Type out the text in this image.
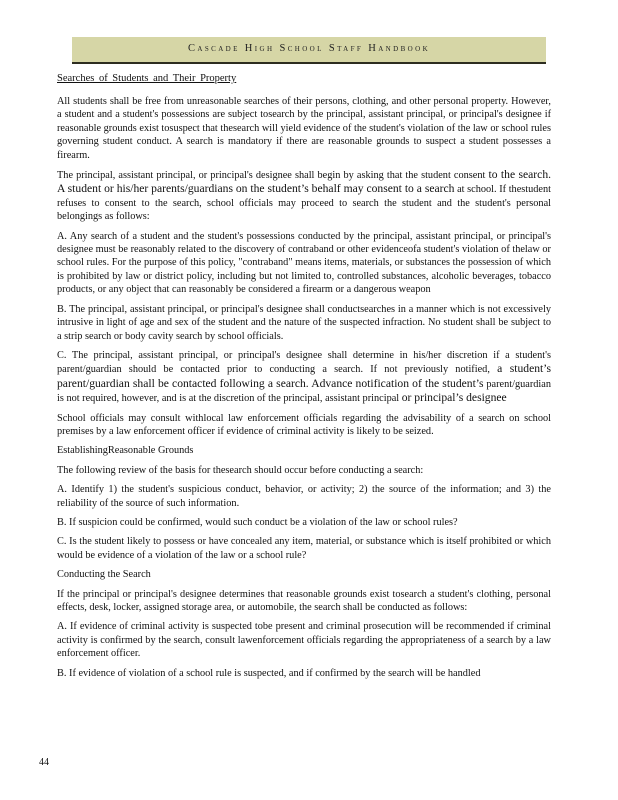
Cascade High School Staff Handbook
Searches of Students and Their Property

All students shall be free from unreasonable searches of their persons, clothing, and other personal property. However, a student and a student's possessions are subject tosearch by the principal, assistant principal, or principal's designee if reasonable grounds exist tosuspect that thesearch will yield evidence of the student's violation of the law or school rules governing student conduct. A search is mandatory if there are reasonable grounds to suspect a student possesses a firearm.

The principal, assistant principal, or principal's designee shall begin by asking that the student consent to the search. A student or his/her parents/guardians on the student’s behalf may consent to a search at school. If thestudent refuses to consent to the search, school officials may proceed to search the student and the student's personal belongings as follows:

A. Any search of a student and the student's possessions conducted by the principal, assistant principal, or principal's designee must be reasonably related to the discovery of contraband or other evidenceofa student's violation of thelaw or school rules. For the purpose of this policy, "contraband" means items, materials, or substances the possession of which is prohibited by law or district policy, including but not limited to, controlled substances, alcoholic beverages, tobacco products, or any object that can reasonably be considered a firearm or a dangerous weapon

B. The principal, assistant principal, or principal's designee shall conductsearches in a manner which is not excessively intrusive in light of age and sex of the student and the nature of the suspected infraction. No student shall be subject to a strip search or body cavity search by school officials.

C. The principal, assistant principal, or principal's designee shall determine in his/her discretion if a student's parent/guardian should be contacted prior to conducting a search. If not previously notified, a student’s parent/guardian shall be contacted following a search. Advance notification of the student’s parent/guardian is not required, however, and is at the discretion of the principal, assistant principal or principal’s designee

School officials may consult withlocal law enforcement officials regarding the advisability of a search on school premises by a law enforcement officer if evidence of criminal activity is likely to be seized.

EstablishingReasonable Grounds

The following review of the basis for thesearch should occur before conducting a search:

A. Identify 1) the student's suspicious conduct, behavior, or activity; 2) the source of the information; and 3) the reliability of the source of such information.

B. If suspicion could be confirmed, would such conduct be a violation of the law or school rules?

C. Is the student likely to possess or have concealed any item, material, or substance which is itself prohibited or which would be evidence of a violation of the law or a school rule?

Conducting the Search

If the principal or principal's designee determines that reasonable grounds exist tosearch a student's clothing, personal effects, desk, locker, assigned storage area, or automobile, the search shall be conducted as follows:

A. If evidence of criminal activity is suspected tobe present and criminal prosecution will be recommended if criminal activity is confirmed by the search, consult lawenforcement officials regarding the appropriateness of a search by a law enforcement officer.

B. If evidence of violation of a school rule is suspected, and if confirmed by the search will be handled

44
